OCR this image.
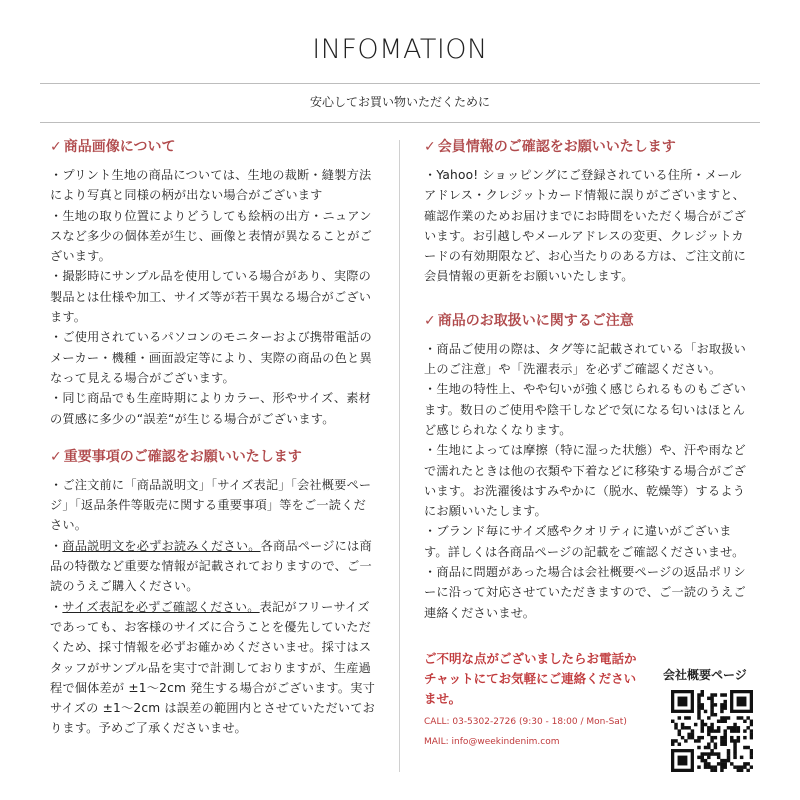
INFOMATION
安心してお買い物いただくために
✓ 商品画像について

・プリント生地の商品については、生地の裁断・縫製方法により写真と同様の柄が出ない場合がございます

・生地の取り位置によりどうしても絵柄の出方・ニュアンスなど多少の個体差が生じ、画像と表情が異なることがございます。

・撮影時にサンプル品を使用している場合があり、実際の製品とは仕様や加工、サイズ等が若干異なる場合がございます。

・ご使用されているパソコンのモニターおよび携帯電話のメーカー・機種・画面設定等により、実際の商品の色と異なって見える場合がございます。

・同じ商品でも生産時期によりカラー、形やサイズ、素材の質感に多少の“誤差“が生じる場合がございます。

✓ 重要事項のご確認をお願いいたします

・ご注文前に「商品説明文」「サイズ表記」「会社概要ページ」「返品条件等販売に関する重要事項」等をご一読ください。

・商品説明文を必ずお読みください。各商品ページには商品の特徴など重要な情報が記載されておりますので、ご一読のうえご購入ください。

・サイズ表記を必ずご確認ください。表記がフリーサイズであっても、お客様のサイズに合うことを優先していただくため、採寸情報を必ずお確かめくださいませ。採寸はスタッフがサンプル品を実寸で計測しておりますが、生産過程で個体差が ±1～2cm 発生する場合がございます。実寸サイズの ±1～2cm は誤差の範囲内とさせていただいております。予めご了承くださいませ。

✓ 会員情報のご確認をお願いいたします

・Yahoo! ショッピングにご登録されている住所・メールアドレス・クレジットカード情報に誤りがございますと、確認作業のためお届けまでにお時間をいただく場合がございます。お引越しやメールアドレスの変更、クレジットカードの有効期限など、お心当たりのある方は、ご注文前に会員情報の更新をお願いいたします。

✓ 商品のお取扱いに関するご注意

・商品ご使用の際は、タグ等に記載されている「お取扱い上のご注意」や「洗濯表示」を必ずご確認ください。

・生地の特性上、やや匂いが強く感じられるものもございます。数日のご使用や陰干しなどで気になる匂いはほとんど感じられなくなります。

・生地によっては摩擦（特に湿った状態）や、汗や雨などで濡れたときは他の衣類や下着などに移染する場合がございます。お洗濯後はすみやかに（脱水、乾燥等）するようにお願いいたします。

・ブランド毎にサイズ感やクオリティに違いがございます。詳しくは各商品ページの記載をご確認くださいませ。

・商品に問題があった場合は会社概要ページの返品ポリシーに沿って対応させていただきますので、ご一読のうえご連絡くださいませ。

ご不明な点がございましたらお電話かチャットにてお気軽にご連絡くださいませ。
CALL: 03-5302-2726 (9:30 - 18:00 / Mon-Sat)
MAIL: info@weekindenim.com
会社概要ページ
